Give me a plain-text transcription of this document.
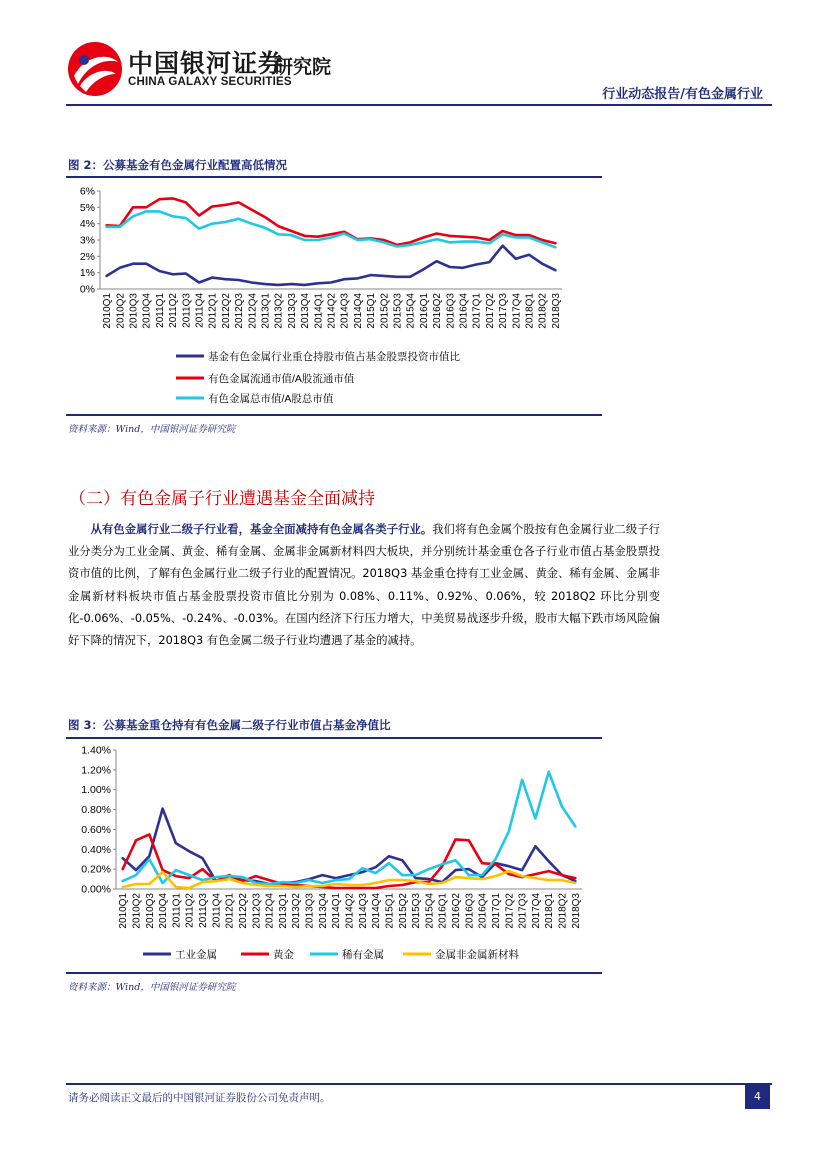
中国银河证券
CHINA GALAXY SECURITIES
研究院
行业动态报告/有色金属行业
图 2：公募基金有色金属行业配置高低情况
0%
1%
2%
3%
4%
5%
6%
2010Q1 2010Q2 2010Q3 2010Q4 2011Q1 2011Q2 2011Q3 2011Q4 2012Q1 2012Q2 2012Q3 2012Q4 2013Q1 2013Q2 2013Q3 2013Q4 2014Q1 2014Q2 2014Q3 2014Q4 2015Q1 2015Q2 2015Q3 2015Q4 2016Q1 2016Q2 2016Q3 2016Q4 2017Q1 2017Q2 2017Q3 2017Q4 2018Q1 2018Q2 2018Q3
基金有色金属行业重仓持股市值占基金股票投资市值比
有色金属流通市值/A股流通市值
有色金属总市值/A股总市值
资料来源：Wind，中国银河证券研究院
（二）有色金属子行业遭遇基金全面减持

从有色金属行业二级子行业看，基金全面减持有色金属各类子行业。我们将有色金属个股按有色金属行业二级子行业分类分为工业金属、黄金、稀有金属、金属非金属新材料四大板块，并分别统计基金重仓各子行业市值占基金股票投资市值的比例，了解有色金属行业二级子行业的配置情况。2018Q3 基金重仓持有工业金属、黄金、稀有金属、金属非金属新材料板块市值占基金股票投资市值比分别为 0.08%、0.11%、0.92%、0.06%，较 2018Q2 环比分别变化-0.06%、-0.05%、-0.24%、-0.03%。在国内经济下行压力增大，中美贸易战逐步升级，股市大幅下跌市场风险偏好下降的情况下，2018Q3 有色金属二级子行业均遭遇了基金的减持。

图 3：公募基金重仓持有有色金属二级子行业市值占基金净值比
0.00%
0.20%
0.40%
0.60%
0.80%
1.00%
1.20%
1.40%
2010Q1 2010Q2 2010Q3 2010Q4 2011Q1 2011Q2 2011Q3 2011Q4 2012Q1 2012Q2 2012Q3 2012Q4 2013Q1 2013Q2 2013Q3 2013Q4 2014Q1 2014Q2 2014Q3 2014Q4 2015Q1 2015Q2 2015Q3 2015Q4 2016Q1 2016Q2 2016Q3 2016Q4 2017Q1 2017Q2 2017Q3 2017Q4 2018Q1 2018Q2 2018Q3
工业金属	黄金	稀有金属	金属非金属新材料
资料来源：Wind，中国银河证券研究院
请务必阅读正文最后的中国银河证券股份公司免责声明。	4
